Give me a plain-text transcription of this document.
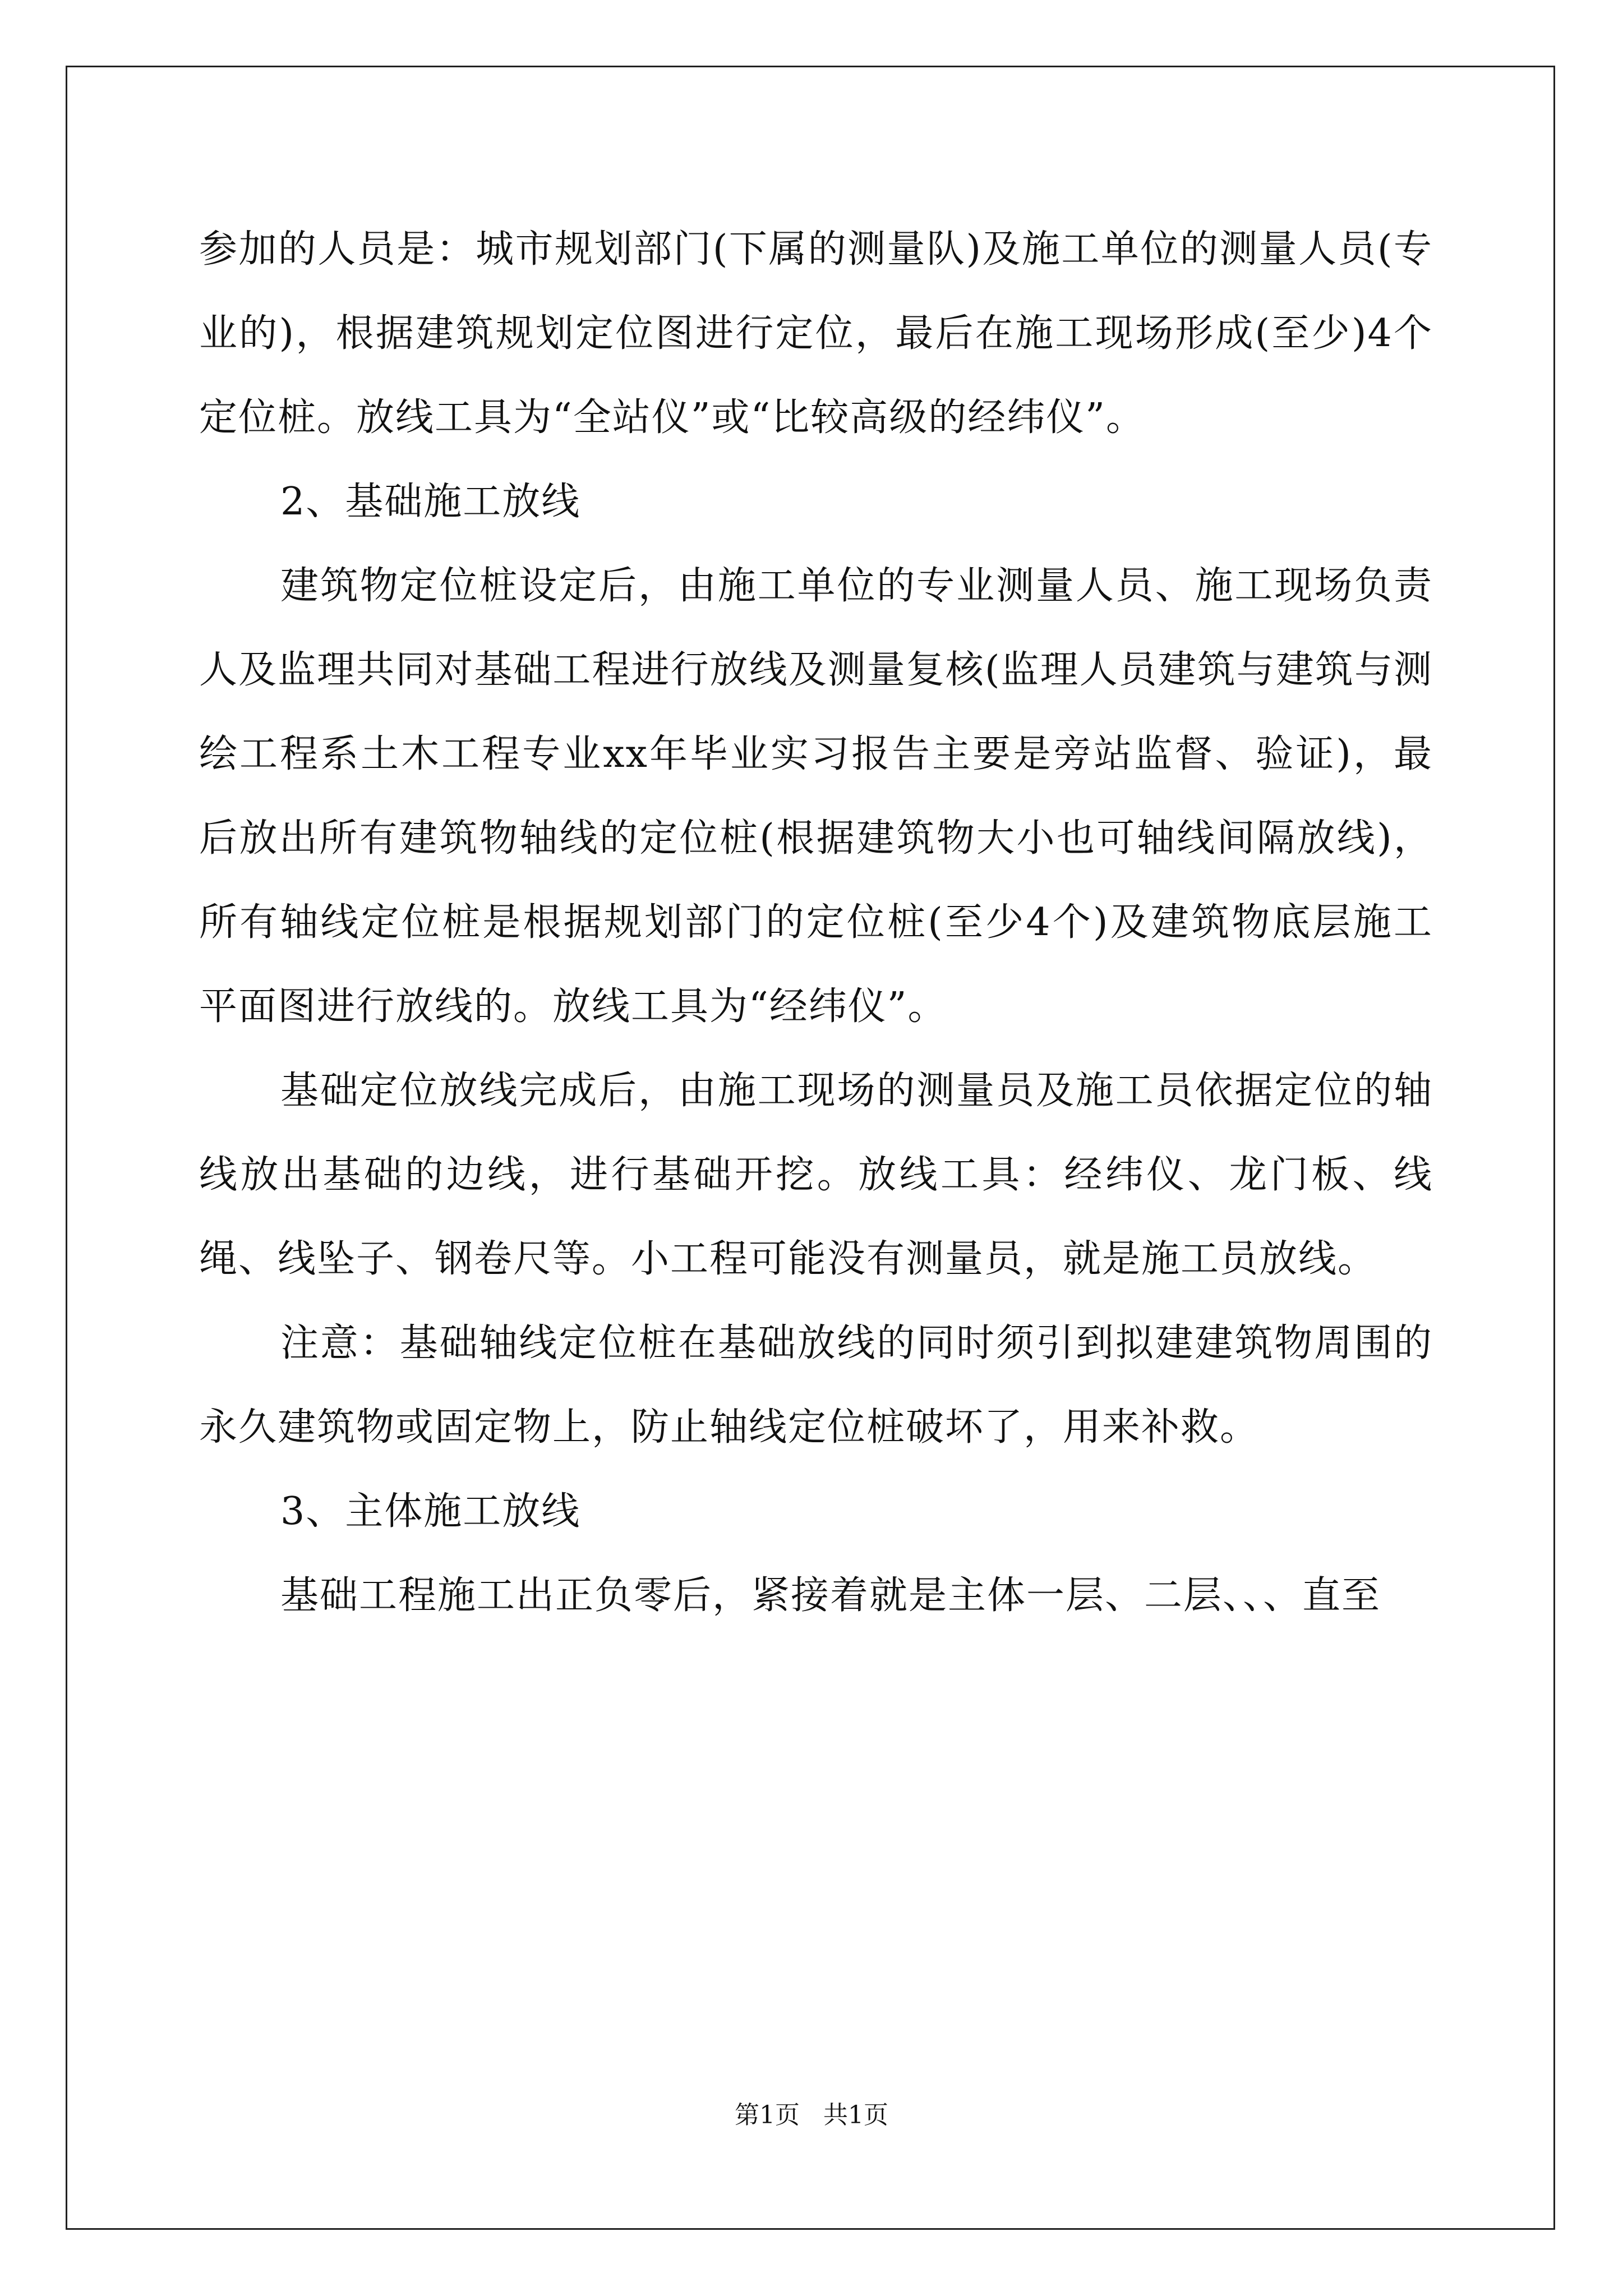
参加的人员是：城市规划部门(下属的测量队)及施工单位的测量人员(专业的)，根据建筑规划定位图进行定位，最后在施工现场形成(至少)4个定位桩。放线工具为“全站仪”或“比较高级的经纬仪”。

2、基础施工放线

建筑物定位桩设定后，由施工单位的专业测量人员、施工现场负责人及监理共同对基础工程进行放线及测量复核(监理人员建筑与建筑与测绘工程系土木工程专业xx年毕业实习报告主要是旁站监督、验证)，最后放出所有建筑物轴线的定位桩(根据建筑物大小也可轴线间隔放线)，所有轴线定位桩是根据规划部门的定位桩(至少4个)及建筑物底层施工平面图进行放线的。放线工具为“经纬仪”。

基础定位放线完成后，由施工现场的测量员及施工员依据定位的轴线放出基础的边线，进行基础开挖。放线工具：经纬仪、龙门板、线绳、线坠子、钢卷尺等。小工程可能没有测量员，就是施工员放线。

注意：基础轴线定位桩在基础放线的同时须引到拟建建筑物周围的永久建筑物或固定物上，防止轴线定位桩破坏了，用来补救。

3、主体施工放线

基础工程施工出正负零后，紧接着就是主体一层、二层、、、直至

第1页 共1页
